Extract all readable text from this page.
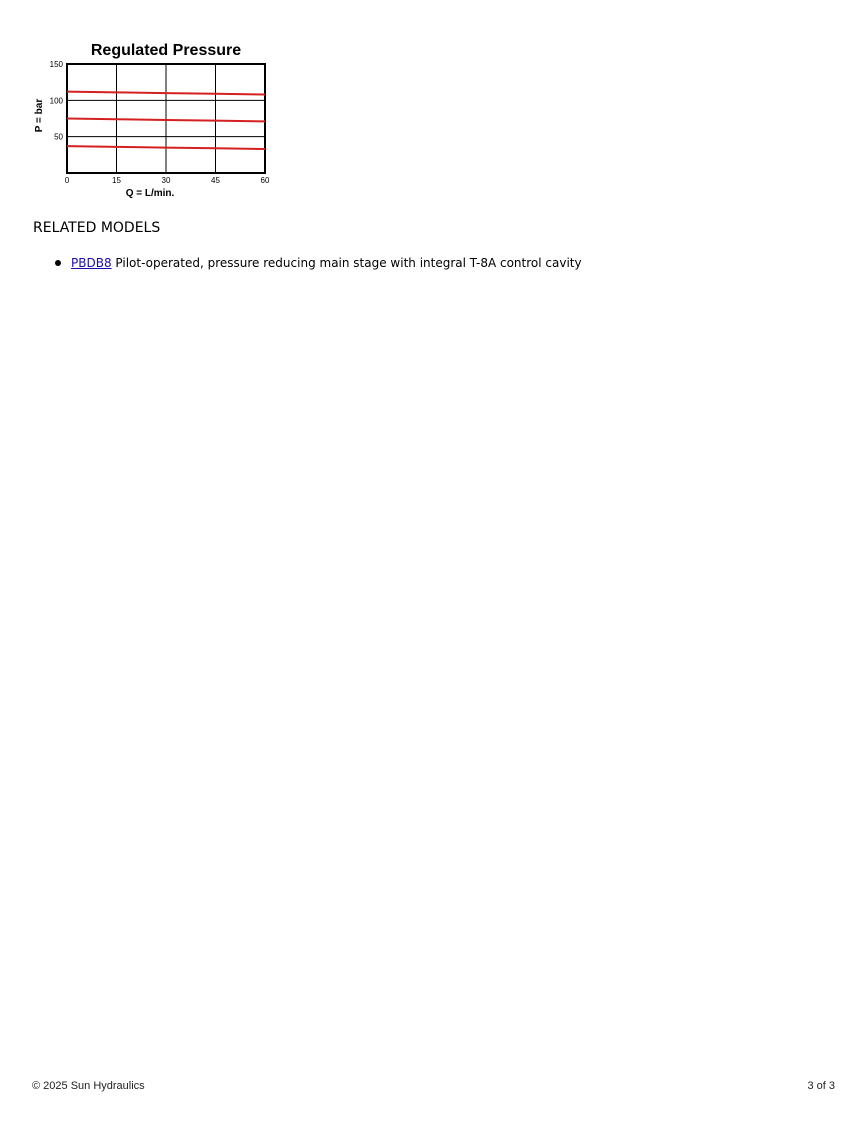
Regulated Pressure
0	15	30	45	60
50
100
150
Q = L/min.
P = bar
RELATED MODELS
PBDB8 Pilot-operated, pressure reducing main stage with integral T-8A control cavity
© 2025 Sun Hydraulics	3 of 3
